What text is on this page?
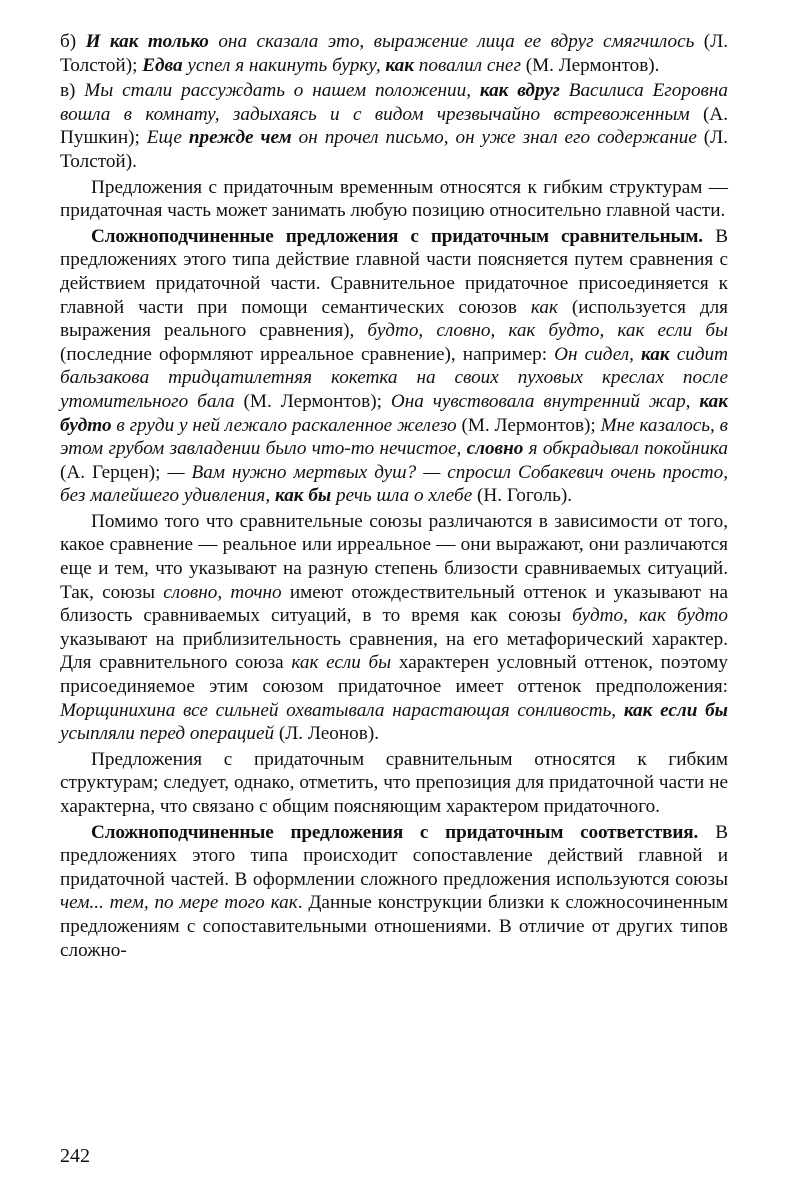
б) И как только она сказала это, выражение лица ее вдруг смягчилось (Л. Толстой); Едва успел я накинуть бурку, как повалил снег (М. Лермонтов).

в) Мы стали рассуждать о нашем положении, как вдруг Василиса Егоровна вошла в комнату, задыхаясь и с видом чрезвычайно встревоженным (А. Пушкин); Еще прежде чем он прочел письмо, он уже знал его содержание (Л. Толстой).

Предложения с придаточным временным относятся к гибким структурам — придаточная часть может занимать любую позицию относительно главной части.

Сложноподчиненные предложения с придаточным сравнительным. В предложениях этого типа действие главной части поясняется путем сравнения с действием придаточной части. Сравнительное придаточное присоединяется к главной части при помощи семантических союзов как (используется для выражения реального сравнения), будто, словно, как будто, как если бы (последние оформляют ирреальное сравнение), например: Он сидел, как сидит бальзаковa тридцатилетняя кокетка на своих пуховых креслах после утомительного бала (М. Лермонтов); Она чувствовала внутренний жар, как будто в груди у ней лежало раскаленное железо (М. Лермонтов); Мне казалось, в этом грубом завладении было что-то нечистое, словно я обкрадывал покойника (А. Герцен); — Вам нужно мертвых душ? — спросил Собакевич очень просто, без малейшего удивления, как бы речь шла о хлебе (Н. Гоголь).

Помимо того что сравнительные союзы различаются в зависимости от того, какое сравнение — реальное или ирреальное — они выражают, они различаются еще и тем, что указывают на разную степень близости сравниваемых ситуаций. Так, союзы словно, точно имеют отождествительный оттенок и указывают на близость сравниваемых ситуаций, в то время как союзы будто, как будто указывают на приблизительность сравнения, на его метафорический характер. Для сравнительного союза как если бы характерен условный оттенок, поэтому присоединяемое этим союзом придаточное имеет оттенок предположения: Морщинихина все сильней охватывала нарастающая сонливость, как если бы усыпляли перед операцией (Л. Леонов).

Предложения с придаточным сравнительным относятся к гибким структурам; следует, однако, отметить, что препозиция для придаточной части не характерна, что связано с общим поясняющим характером придаточного.

Сложноподчиненные предложения с придаточным соответствия. В предложениях этого типа происходит сопоставление действий главной и придаточной частей. В оформлении сложного предложения используются союзы чем... тем, по мере того как. Данные конструкции близки к сложносочиненным предложениям с сопоставительными отношениями. В отличие от других типов сложно-

242
